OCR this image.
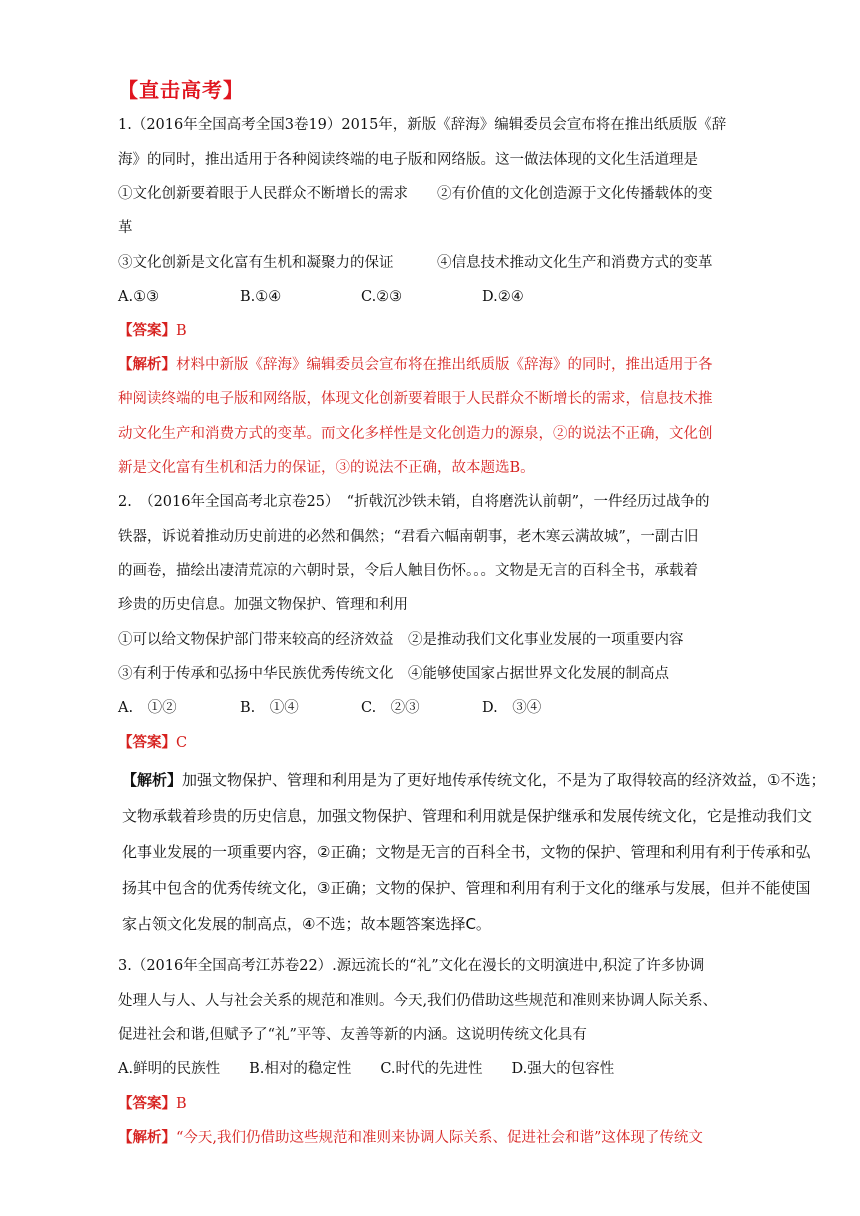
【直击高考】
1.（2016年全国高考全国3卷19）2015年，新版《辞海》编辑委员会宣布将在推出纸质版《辞
海》的同时，推出适用于各种阅读终端的电子版和网络版。这一做法体现的文化生活道理是
①文化创新要着眼于人民群众不断增长的需求　　②有价值的文化创造源于文化传播载体的变
革
③文化创新是文化富有生机和凝聚力的保证　　　④信息技术推动文化生产和消费方式的变革
A.①③	B.①④	C.②③	D.②④
【答案】B
【解析】材料中新版《辞海》编辑委员会宣布将在推出纸质版《辞海》的同时，推出适用于各
种阅读终端的电子版和网络版，体现文化创新要着眼于人民群众不断增长的需求，信息技术推
动文化生产和消费方式的变革。而文化多样性是文化创造力的源泉，②的说法不正确，文化创
新是文化富有生机和活力的保证，③的说法不正确，故本题选B。
2.　（2016年全国高考北京卷25）　“折戟沉沙铁未销，自将磨洗认前朝”，一件经历过战争的
铁器，诉说着推动历史前进的必然和偶然；“君看六幅南朝事，老木寒云满故城”，一副古旧
的画卷，描绘出凄清荒凉的六朝时景，令后人触目伤怀。。。文物是无言的百科全书，承载着
珍贵的历史信息。加强文物保护、管理和利用
①可以给文物保护部门带来较高的经济效益　②是推动我们文化事业发展的一项重要内容
③有利于传承和弘扬中华民族优秀传统文化　④能够使国家占据世界文化发展的制高点
A.　①②	B.　①④	C.　②③	D.　③④
【答案】C
【解析】加强文物保护、管理和利用是为了更好地传承传统文化，不是为了取得较高的经济效益，①不选；
文物承载着珍贵的历史信息，加强文物保护、管理和利用就是保护继承和发展传统文化，它是推动我们文
化事业发展的一项重要内容，②正确；文物是无言的百科全书，文物的保护、管理和利用有利于传承和弘
扬其中包含的优秀传统文化，③正确；文物的保护、管理和利用有利于文化的继承与发展，但并不能使国
家占领文化发展的制高点，④不选；故本题答案选择C。
3.（2016年全国高考江苏卷22）.源远流长的“礼”文化在漫长的文明演进中,积淀了许多协调
处理人与人、人与社会关系的规范和准则。今天,我们仍借助这些规范和准则来协调人际关系、
促进社会和谐,但赋予了“礼”平等、友善等新的内涵。这说明传统文化具有
A.鲜明的民族性　　B.相对的稳定性　　C.时代的先进性　　D.强大的包容性
【答案】B
【解析】“今天,我们仍借助这些规范和准则来协调人际关系、促进社会和谐”这体现了传统文
